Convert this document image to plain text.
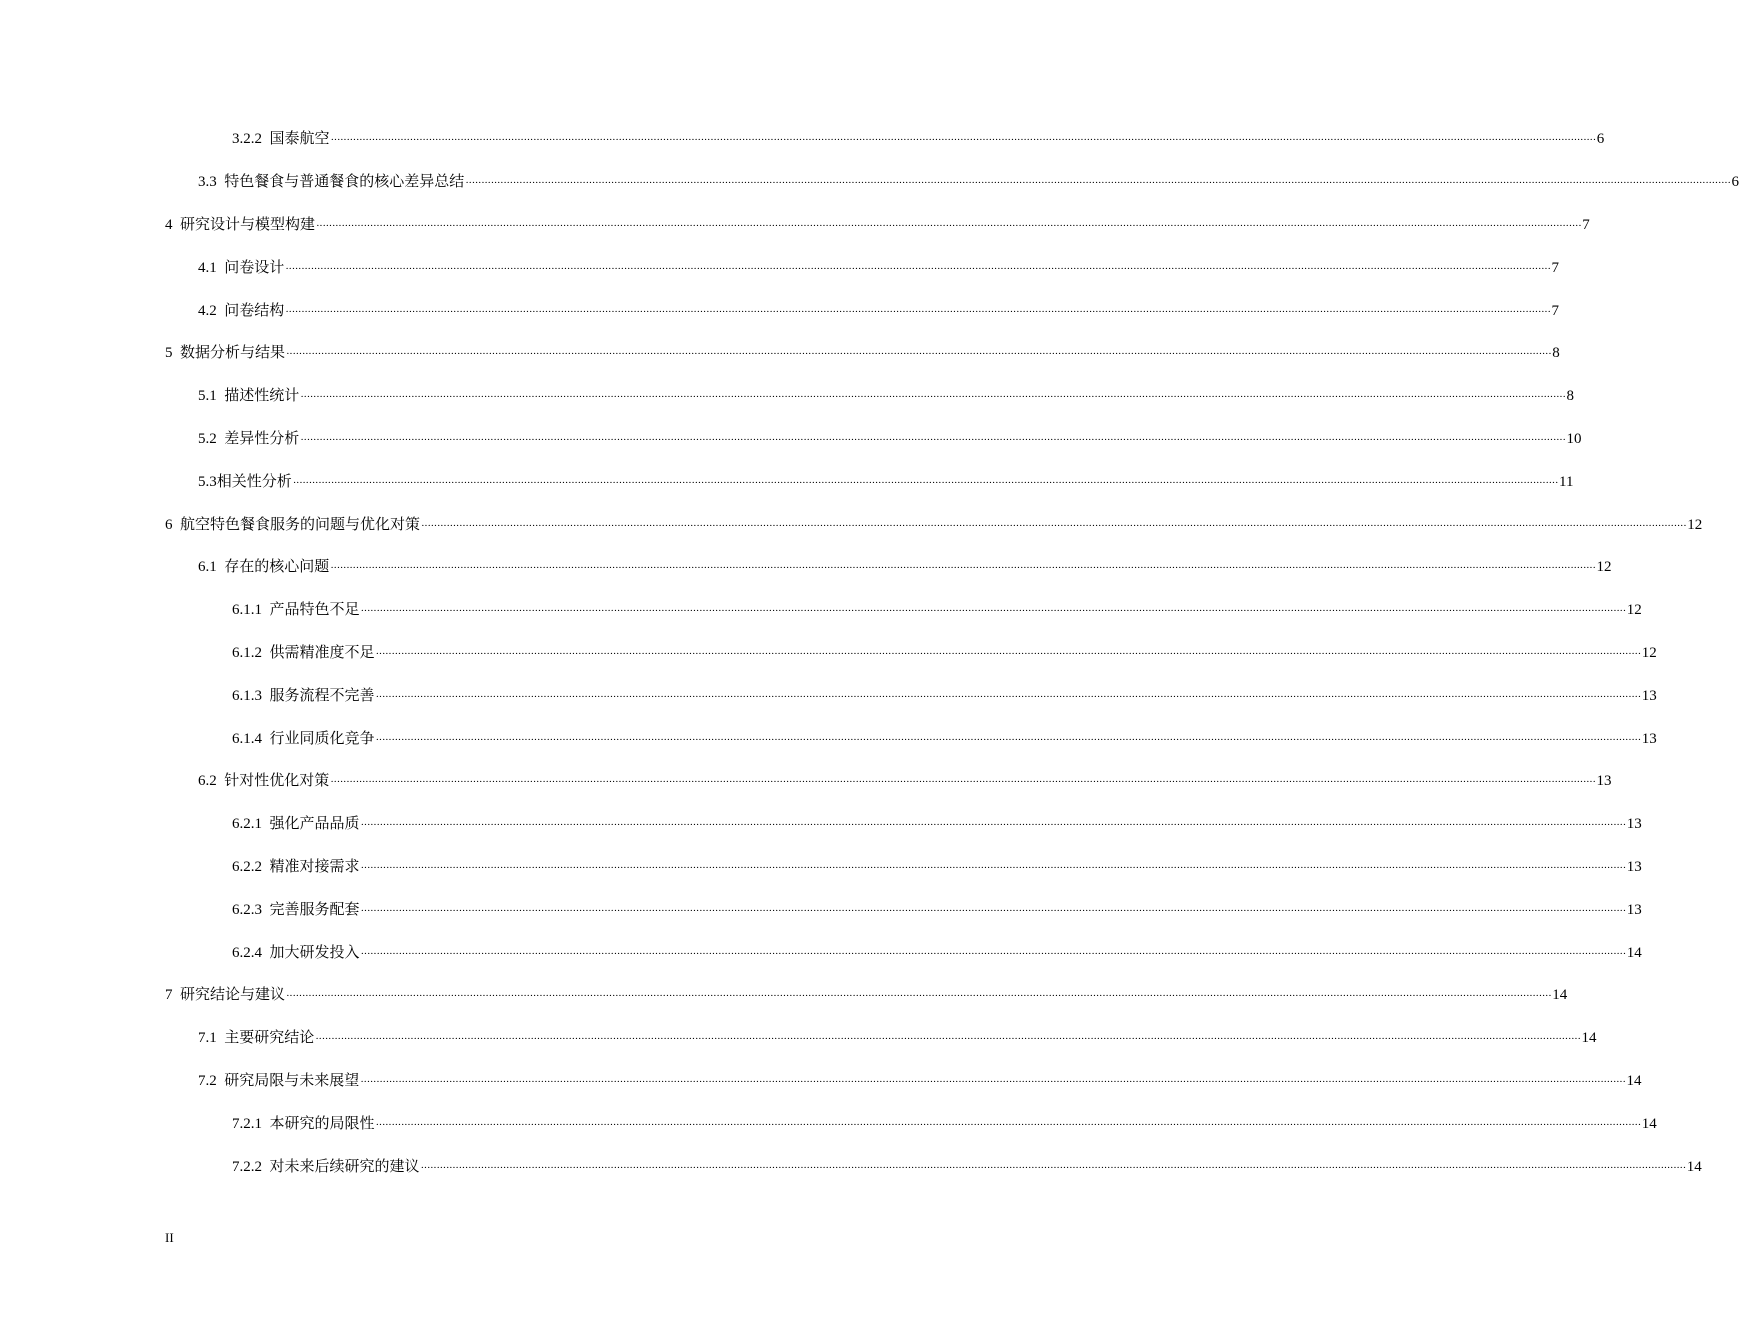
3.2.2 国泰航空 ················································································································································································································································································································································································································ 6
3.3 特色餐食与普通餐食的核心差异总结 ················································································································································································································································································································································································································ 6
4 研究设计与模型构建 ················································································································································································································································································································································································································ 7
4.1 问卷设计 ················································································································································································································································································································································································································ 7
4.2 问卷结构 ················································································································································································································································································································································································································ 7
5 数据分析与结果 ················································································································································································································································································································································································································ 8
5.1 描述性统计 ················································································································································································································································································································································································································ 8
5.2 差异性分析 ················································································································································································································································································································································································································ 10
5.3相关性分析 ················································································································································································································································································································································································································ 11
6 航空特色餐食服务的问题与优化对策 ················································································································································································································································································································································································································ 12
6.1 存在的核心问题 ················································································································································································································································································································································································································ 12
6.1.1 产品特色不足 ················································································································································································································································································································································································································ 12
6.1.2 供需精准度不足 ················································································································································································································································································································································································································ 12
6.1.3 服务流程不完善 ················································································································································································································································································································································································································ 13
6.1.4 行业同质化竞争 ················································································································································································································································································································································································································ 13
6.2 针对性优化对策 ················································································································································································································································································································································································································ 13
6.2.1 强化产品品质 ················································································································································································································································································································································································································ 13
6.2.2 精准对接需求 ················································································································································································································································································································································································································ 13
6.2.3 完善服务配套 ················································································································································································································································································································································································································ 13
6.2.4 加大研发投入 ················································································································································································································································································································································································································ 14
7 研究结论与建议 ················································································································································································································································································································································································································ 14
7.1 主要研究结论 ················································································································································································································································································································································································································ 14
7.2 研究局限与未来展望 ················································································································································································································································································································································································································ 14
7.2.1 本研究的局限性 ················································································································································································································································································································································································································ 14
7.2.2 对未来后续研究的建议 ················································································································································································································································································································································································································ 14
II
